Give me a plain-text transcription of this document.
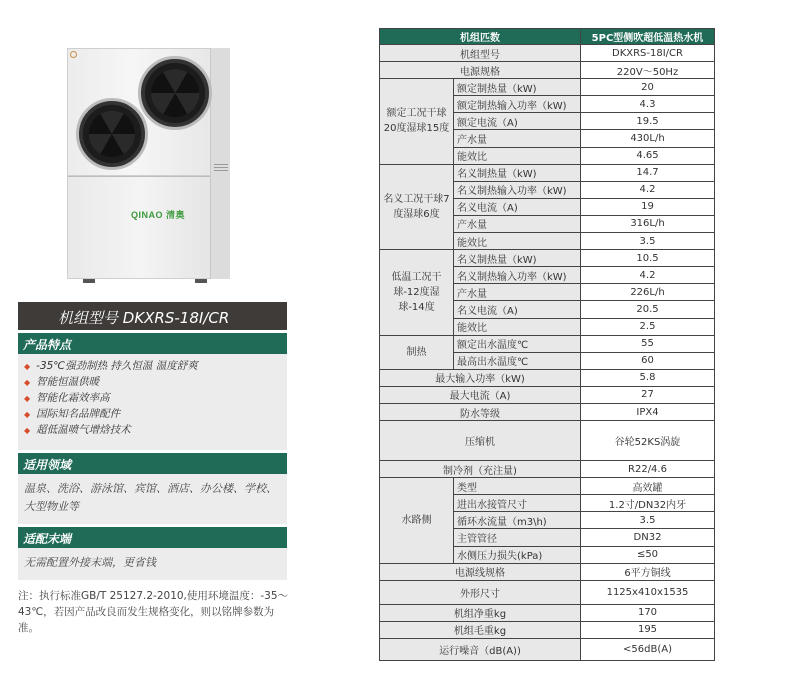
QINAO 清奥
机组型号 DKXRS-18Ⅰ/CR
产品特点
◆ -35℃强劲制热 持久恒温 温度舒爽
◆ 智能恒温供暖
◆ 智能化霜效率高
◆ 国际知名品牌配件
◆ 超低温喷气增焓技术
适用领域
温泉、洗浴、游泳馆、宾馆、酒店、办公楼、学校、大型物业等
适配末端
无需配置外接末端，更省钱
注：执行标准GB/T 25127.2-2010,使用环境温度：-35～43℃，若因产品改良而发生规格变化，则以铭牌参数为准。
机组匹数		5PC型侧吹超低温热水机
机组型号		DKXRS-18Ⅰ/CR
电源规格		220V～50Hz
额定工况干球20度湿球15度	额定制热量（kW)	20
	额定制热输入功率（kW)	4.3
	额定电流（A)	19.5
	产水量	430L/h
	能效比	4.65
名义工况干球7度湿球6度	名义制热量（kW)	14.7
	名义制热输入功率（kW)	4.2
	名义电流（A)	19
	产水量	316L/h
	能效比	3.5
低温工况干球-12度湿球-14度	名义制热量（kW)	10.5
	名义制热输入功率（kW)	4.2
	产水量	226L/h
	名义电流（A)	20.5
	能效比	2.5
制热	额定出水温度℃	55
	最高出水温度℃	60
最大输入功率（kW)		5.8
最大电流（A)		27
防水等级		IPX4
压缩机		谷轮52KS涡旋
制冷剂（充注量)		R22/4.6
水路侧	类型	高效罐
	进出水接管尺寸	1.2寸/DN32内牙
	循环水流量（m3\h)	3.5
	主管管径	DN32
	水侧压力损失(kPa)	≤50
电源线规格		6平方铜线
外形尺寸		1125x410x1535
机组净重kg		170
机组毛重kg		195
运行噪音（dB(A))		<56dB(A)
